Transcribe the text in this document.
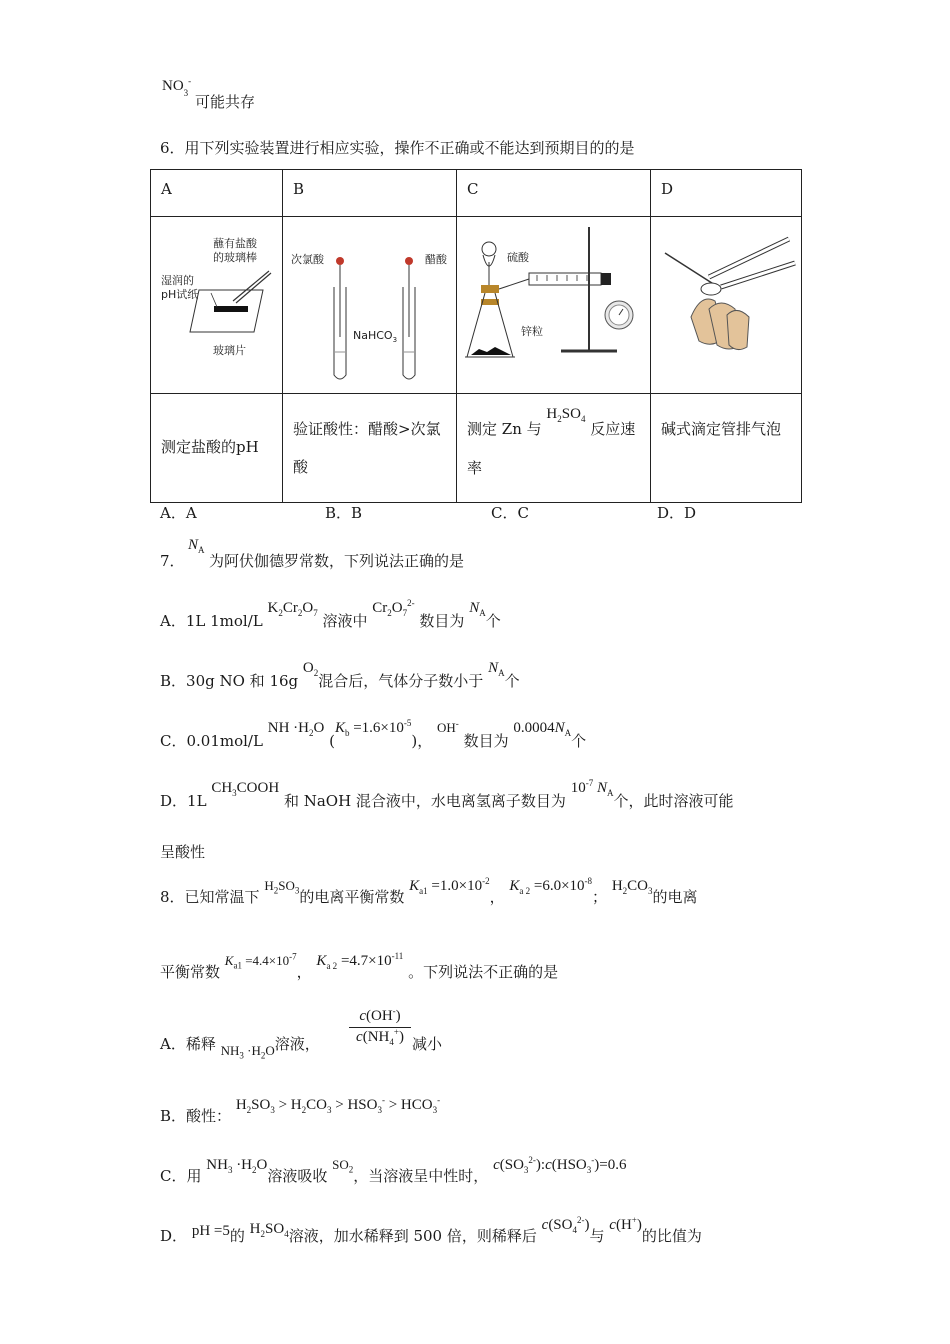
$NO_3^-$
可能共存
6．用下列实验装置进行相应实验，操作不正确或不能达到预期目的的是
A	B	C	D

蘸有盐酸
的玻璃棒
湿润的
pH试纸
玻璃片	次氯酸 醋酸
NaHCO$_3$	硫酸
锌粒

测定盐酸的pH	验证酸性：醋酸>次氯酸	测定 Zn 与 $H_2SO_4$ 反应速率	碱式滴定管排气泡
A．A	B．B	C．C	D．D
7．
$N_A$
为阿伏伽德罗常数，下列说法正确的是
A．1L 1mol/L $K_2Cr_2O_7$ 溶液中 $Cr_2O_7^{2-}$ 数目为 $N_A$个
B．30g NO 和 16g $O_2$混合后，气体分子数小于 $N_A$个
C．0.01mol/L NH $\cdot H_2O$ $(K_b =1.6\times 10^{-5})$， OH- 数目为 $0.0004N_A$个
D．1L $CH_3COOH$ 和 NaOH 混合液中，水电离氢离子数目为 $10^{-7}$ $N_A$个，此时溶液可能
呈酸性
8．已知常温下 $H_2SO_3$的电离平衡常数 $K_{a1} =1.0\times 10^{-2}$， $K_{a 2} =6.0\times 10^{-8}$； $H_2CO_3$的电离
平衡常数 $K_{a1} =4.4\times 10^{-7}$， $K_{a 2} =4.7\times 10^{-11}$ 。下列说法不正确的是
A．稀释 $NH_3 \cdot H_2O$溶液，
c(OH-)
$c(NH_4^+)$ 减小
B．酸性： $H_2SO_3 > H_2CO_3 > HSO_3^- > HCO_3^-$
C．用 $NH_3 \cdot H_2O$溶液吸收 $SO_2$，当溶液呈中性时， $c(SO_3^{2-}):c(HSO_3^-)=0.6$
D． pH =5的 $H_2SO_4$溶液，加水稀释到 500 倍，则稀释后 $c(SO_4^{2-})$与 c(H+)的比值为
